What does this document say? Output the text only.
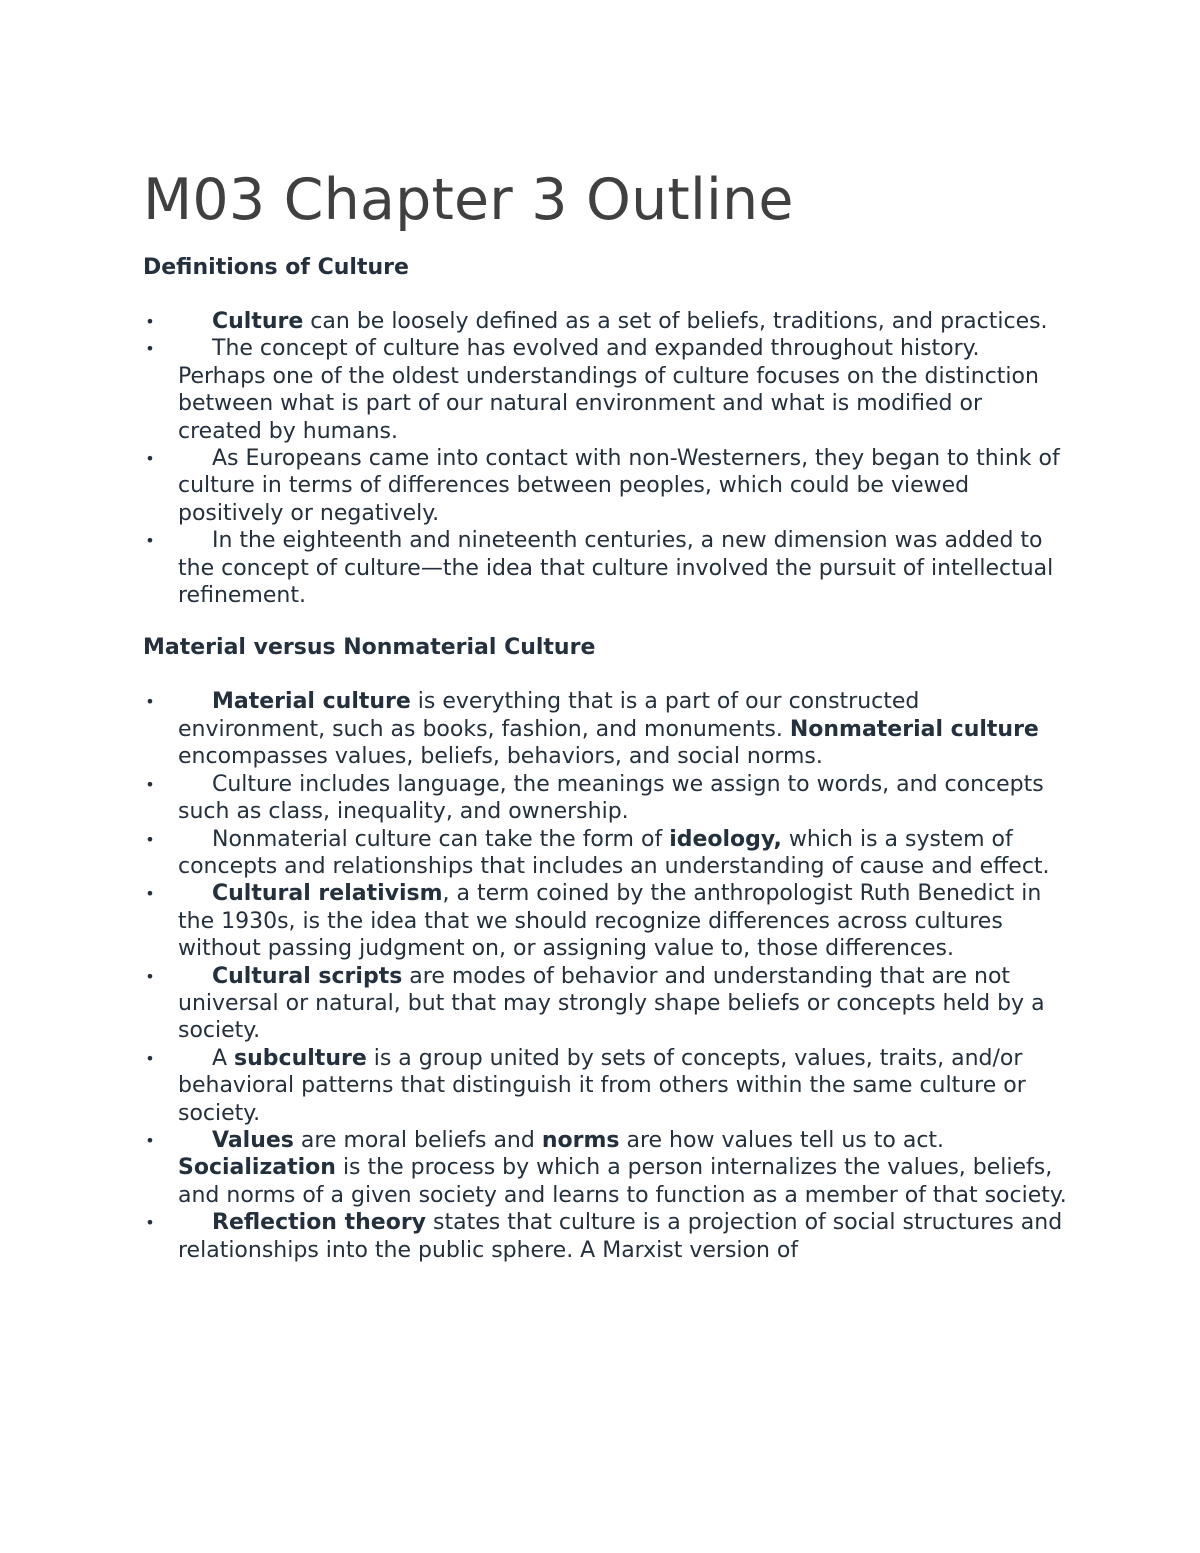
M03 Chapter 3 Outline
Definitions of Culture
•	Culture can be loosely defined as a set of beliefs, traditions, and practices.
•	The concept of culture has evolved and expanded throughout history. Perhaps one of the oldest understandings of culture focuses on the distinction between what is part of our natural environment and what is modified or created by humans.
•	As Europeans came into contact with non-Westerners, they began to think of culture in terms of differences between peoples, which could be viewed positively or negatively.
•	In the eighteenth and nineteenth centuries, a new dimension was added to the concept of culture—the idea that culture involved the pursuit of intellectual refinement.
Material versus Nonmaterial Culture
•	Material culture is everything that is a part of our constructed environment, such as books, fashion, and monuments. Nonmaterial culture encompasses values, beliefs, behaviors, and social norms.
•	Culture includes language, the meanings we assign to words, and concepts such as class, inequality, and ownership.
•	Nonmaterial culture can take the form of ideology, which is a system of concepts and relationships that includes an understanding of cause and effect.
•	Cultural relativism, a term coined by the anthropologist Ruth Benedict in the 1930s, is the idea that we should recognize differences across cultures without passing judgment on, or assigning value to, those differences.
•	Cultural scripts are modes of behavior and understanding that are not universal or natural, but that may strongly shape beliefs or concepts held by a society.
•	A subculture is a group united by sets of concepts, values, traits, and/or behavioral patterns that distinguish it from others within the same culture or society.
•	Values are moral beliefs and norms are how values tell us to act. Socialization is the process by which a person internalizes the values, beliefs, and norms of a given society and learns to function as a member of that society.
•	Reflection theory states that culture is a projection of social structures and relationships into the public sphere. A Marxist version of
